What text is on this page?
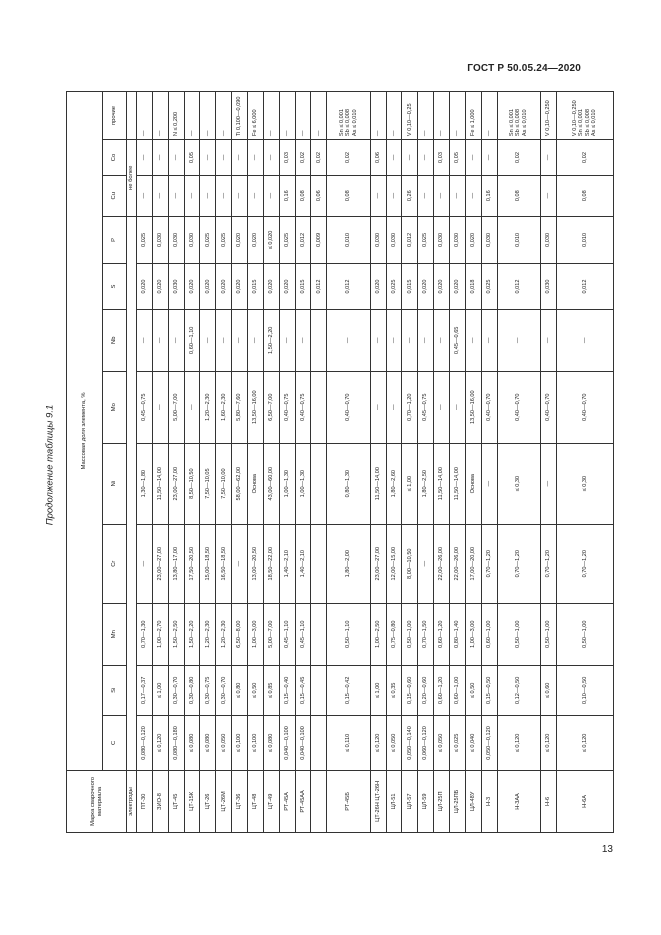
ГОСТ Р 50.05.24—2020
Продолжение таблицы 9.1
Марка сварочного материала	Массовая доля элемента, %											
	C	Si	Mn	Cr	Ni	Mo	Nb	S	P	Cu	Co	прочие
электроды										не более		
ПТ-30	0,080—0,120	0,17—0,37	0,70—1,30	—	1,30—1,80	0,45—0,75	—	0,020	0,025	—	—	—

ЗИО-8	≤ 0,120	≤ 1,00	1,00—2,70	23,00—27,00	11,50—14,00	—	—	0,020	0,030	—	—	—

ЦТ-45	0,080—0,180	0,30—0,70	1,50—2,50	13,80—17,00	23,00—27,00	5,00—7,00	—	0,030	0,030	—	—	N ≤ 0,200

ЦТ-15К	≤ 0,080	0,30—0,80	1,50—2,20	17,50—20,50	8,50—10,50	—	0,60—1,10	0,020	0,030	—	0,05	—

ЦТ-26	≤ 0,080	0,30—0,75	1,20—2,30	15,00—18,50	7,50—10,05	1,20—2,30	—	0,020	0,025	—	—	—

ЦТ-26М	≤ 0,050	0,30—0,70	1,20—2,30	16,50—18,50	7,50—10,00	1,60—2,30	—	0,020	0,025	—	—	—

ЦТ-36	≤ 0,100	≤ 0,80	6,50—8,00	—	58,00—62,00	5,80—7,60	—	0,020	0,020	—	—	Ti 0,100—0,090

ЦТ-48	≤ 0,100	≤ 0,50	1,00—3,00	13,00—20,50	Основа	13,50—16,00	—	0,015	0,020	—	—	Fe ≤ 6,000

ЦТ-49	≤ 0,080	≤ 0,85	5,00—7,00	18,50—22,00	43,00—60,00	6,50—7,00	1,50—2,20	0,020	≤ 0,020	—	—	—

РТ-45А	0,040—0,100	0,15—0,40	0,45—1,10	1,40—2,10	1,00—1,30	0,40—0,75	—	0,020	0,025	0,16	0,03	—

РТ-45АА	0,040—0,100	0,15—0,45	0,45—1,10	1,40—2,10	1,00—1,30	0,40—0,75	—	0,015	0,012	0,08	0,02	—

								0,012	0,009	0,06	0,02	—

РТ-45Б	≤ 0,110	0,15—0,42	0,50—1,10	1,80—2,00	0,80—1,30	0,40—0,70	—	0,012	0,010	0,08	0,02	Sn ≤ 0,001 Sb ≤ 0,008 As ≤ 0,010

ЦТ-26Н ЦТ-26Н	≤ 0,120	≤ 1,00	1,00—2,50	23,00—27,00	11,50—14,00	—	—	0,020	0,030	—	0,06	—

ЦЛ-51	≤ 0,050	≤ 0,35	0,75—0,80	12,00—15,00	1,80—2,60	—	—	0,025	0,030	—	—	—

ЦЛ-57	0,050—0,140	0,15—0,60	0,50—1,00	8,00—10,50	≤ 1,00	0,70—1,20	—	0,015	0,012	0,26	—	V 0,10—0,25

ЦЛ-59	0,060—0,120	0,20—0,60	0,70—1,50	—	1,80—2,50	0,45—0,75	—	0,020	0,025	—	—	—

ЦЛ-25П	≤ 0,050	0,60—1,20	0,60—1,20	22,00—26,00	11,50—14,00	—	—	0,020	0,030	—	0,03	—

ЦЛ-25ПБ	≤ 0,025	0,60—1,00	0,80—1,40	22,00—26,00	11,50—14,00	—	0,45—0,65	0,020	0,030	—	0,05	—

ЦЛ-48У	≤ 0,040	≤ 0,50	1,00—3,00	17,00—20,00	Основа	13,50—16,00	—	0,018	0,020	—	—	Fe ≤ 1,000

Н-3	0,050—0,120	0,15—0,50	0,60—1,00	0,70—1,20	—	0,40—0,70	—	0,025	0,030	0,16	—	—

Н-3АА	≤ 0,120	0,12—0,50	0,50—1,00	0,70—1,20	≤ 0,30	0,40—0,70	—	0,012	0,010	0,08	0,02	Sn ≤ 0,001 Sb ≤ 0,008 As ≤ 0,010

Н-6	≤ 0,120	≤ 0,60	0,50—1,00	0,70—1,20	—	0,40—0,70	—	0,030	0,030	—	—	V 0,10—0,250

Н-6А	≤ 0,120	0,10—0,50	0,50—1,00	0,70—1,20	≤ 0,30	0,40—0,70	—	0,012	0,010	0,08	0,02	V 0,10—0,250 Sn ≤ 0,001 Sb ≤ 0,008 As ≤ 0,010
13
